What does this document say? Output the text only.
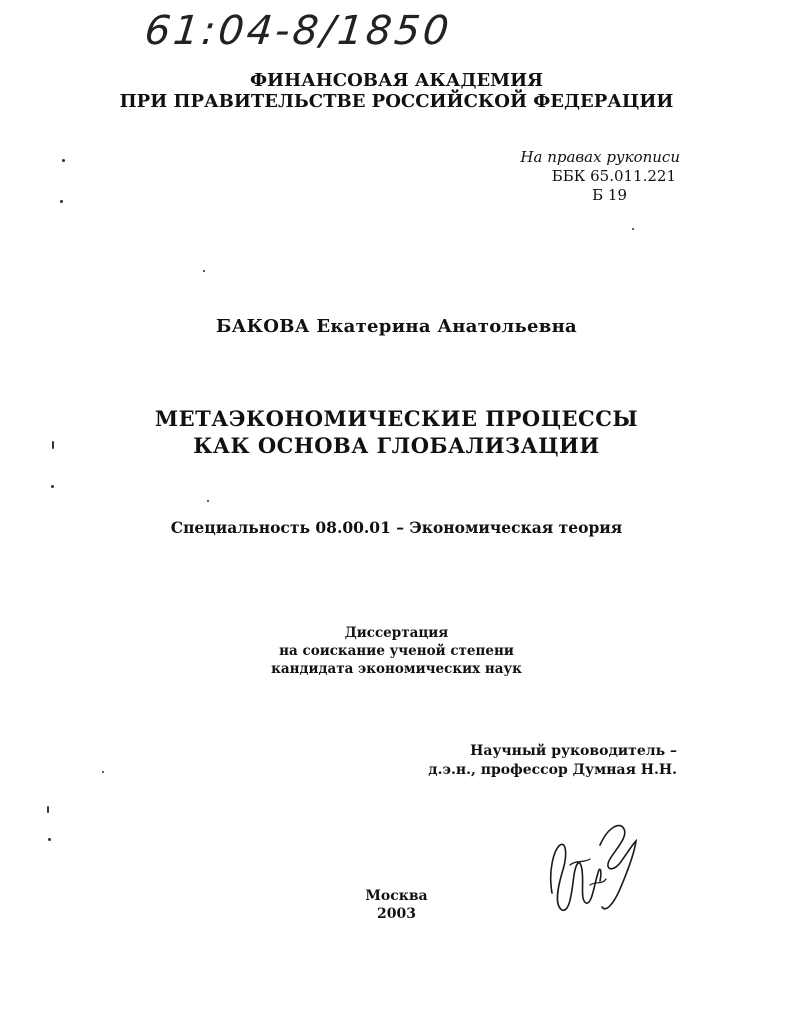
61:04-8/1850
ФИНАНСОВАЯ АКАДЕМИЯ
ПРИ ПРАВИТЕЛЬСТВЕ РОССИЙСКОЙ ФЕДЕРАЦИИ
На правах рукописи
ББК 65.011.221
Б 19
БАКОВА Екатерина Анатольевна
МЕТАЭКОНОМИЧЕСКИЕ ПРОЦЕССЫ
КАК ОСНОВА ГЛОБАЛИЗАЦИИ
Специальность 08.00.01 – Экономическая теория
Диссертация
на соискание ученой степени
кандидата экономических наук
Научный руководитель –
д.э.н., профессор Думная Н.Н.
Москва
2003
